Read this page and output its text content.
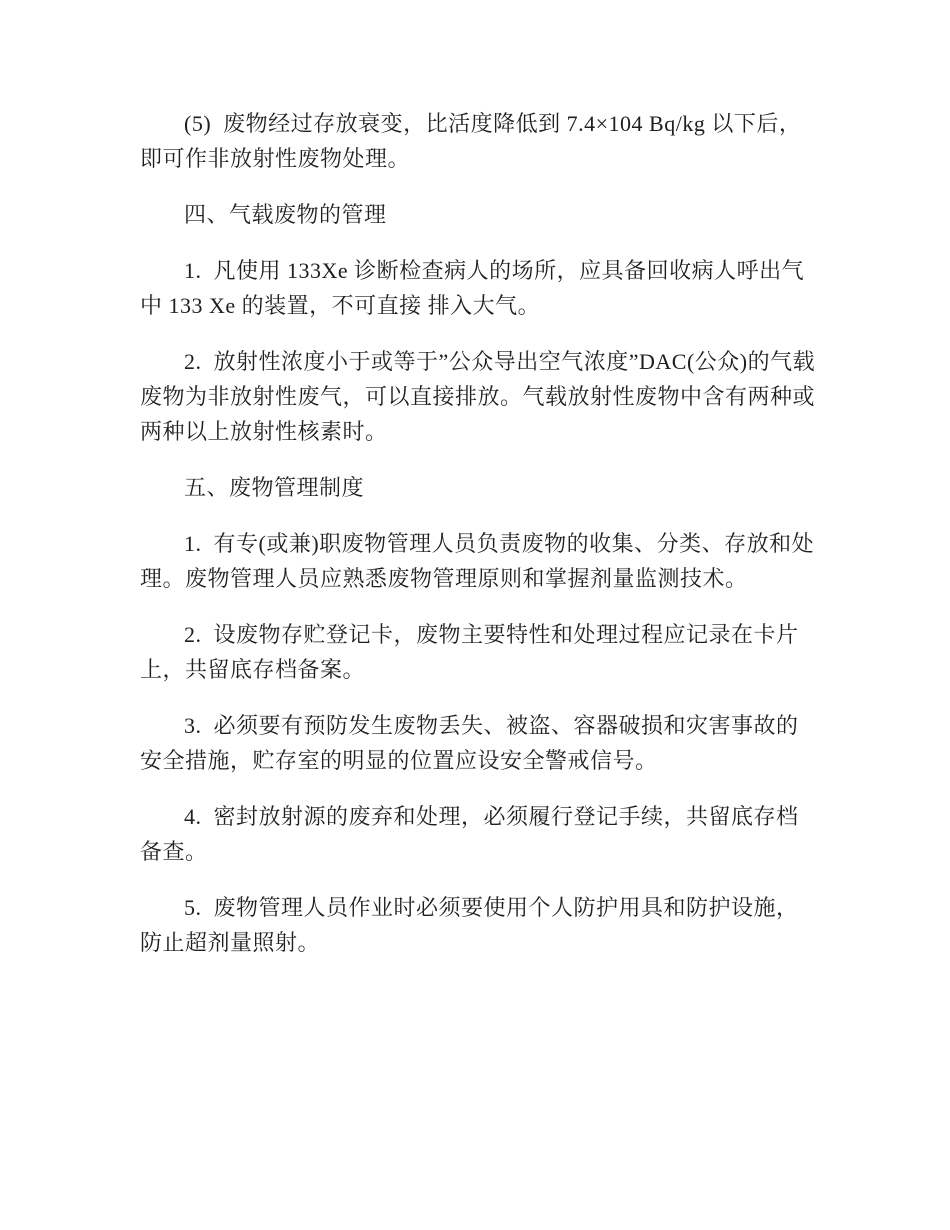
(5)  废物经过存放衰变，比活度降低到 7.4×104 Bq/kg 以下后，即可作非放射性废物处理。

四、气载废物的管理

1.  凡使用 133Xe 诊断检查病人的场所，应具备回收病人呼出气中 133 Xe 的装置，不可直接 排入大气。

2.  放射性浓度小于或等于”公众导出空气浓度”DAC(公众)的气载废物为非放射性废气，可以直接排放。气载放射性废物中含有两种或两种以上放射性核素时。

五、废物管理制度

1.  有专(或兼)职废物管理人员负责废物的收集、分类、存放和处理。废物管理人员应熟悉废物管理原则和掌握剂量监测技术。

2.  设废物存贮登记卡，废物主要特性和处理过程应记录在卡片上，共留底存档备案。

3.  必须要有预防发生废物丢失、被盗、容器破损和灾害事故的安全措施，贮存室的明显的位置应设安全警戒信号。

4.  密封放射源的废弃和处理，必须履行登记手续，共留底存档备查。

5.  废物管理人员作业时必须要使用个人防护用具和防护设施，防止超剂量照射。
